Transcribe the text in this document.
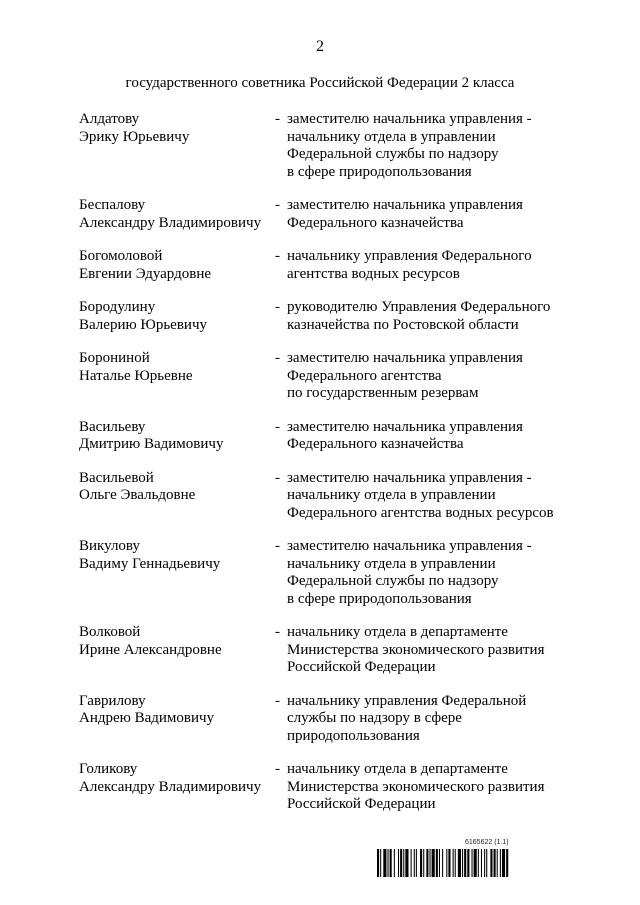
2
государственного советника Российской Федерации 2 класса
Алдатову
Эрику Юрьевичу
- заместителю начальника управления -
начальнику отдела в управлении
Федеральной службы по надзору
в сфере природопользования
Беспалову
Александру Владимировичу
- заместителю начальника управления
Федерального казначейства
Богомоловой
Евгении Эдуардовне
- начальнику управления Федерального
агентства водных ресурсов
Бородулину
Валерию Юрьевичу
- руководителю Управления Федерального
казначейства по Ростовской области
Борониной
Наталье Юрьевне
- заместителю начальника управления
Федерального агентства
по государственным резервам
Васильеву
Дмитрию Вадимовичу
- заместителю начальника управления
Федерального казначейства
Васильевой
Ольге Эвальдовне
- заместителю начальника управления -
начальнику отдела в управлении
Федерального агентства водных ресурсов
Викулову
Вадиму Геннадьевичу
- заместителю начальника управления -
начальнику отдела в управлении
Федеральной службы по надзору
в сфере природопользования
Волковой
Ирине Александровне
- начальнику отдела в департаменте
Министерства экономического развития
Российской Федерации
Гаврилову
Андрею Вадимовичу
- начальнику управления Федеральной
службы по надзору в сфере
природопользования
Голикову
Александру Владимировичу
- начальнику отдела в департаменте
Министерства экономического развития
Российской Федерации
6165622 (1.1)
